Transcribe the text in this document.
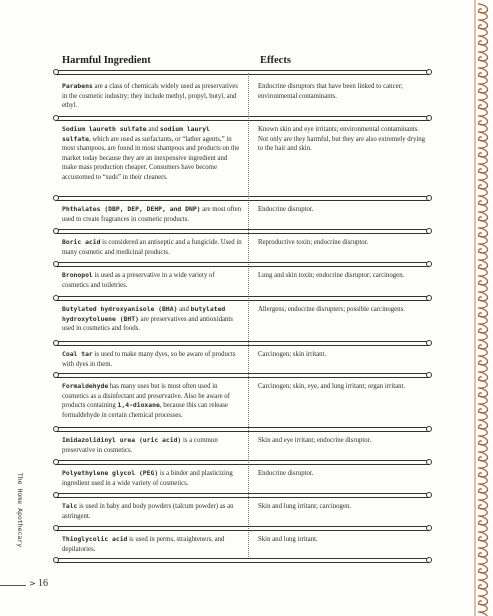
The Home Apothecary
> 16
Harmful Ingredient	Effects
Parabens are a class of chemicals widely used as preservatives in the cosmetic industry; they include methyl, propyl, butyl, and ethyl.
Endocrine disruptors that have been linked to cancer; environmental contaminants.
Sodium laureth sulfate and sodium lauryl sulfate, which are used as surfactants, or “lather agents,” in most shampoos, are found in most shampoos and products on the market today because they are an inexpensive ingredient and make mass production cheaper. Consumers have become accustomed to “suds” in their cleaners.
Known skin and eye irritants; environmental contaminants. Not only are they harmful, but they are also extremely drying to the hair and skin.
Phthalates (DBP, DEP, DEHP, and DNP) are most often used to create fragrances in cosmetic products.
Endocrine disruptor.
Boric acid is considered an antiseptic and a fungicide. Used in many cosmetic and medicinal products.
Reproductive toxin; endocrine disruptor.
Bronopol is used as a preservative in a wide variety of cosmetics and toiletries.
Lung and skin toxin; endocrine disruptor; carcinogen.
Butylated hydroxyanisole (BHA) and butylated hydroxytoluene (BHT) are preservatives and antioxidants used in cosmetics and foods.
Allergens; endocrine disrupters; possible carcinogens.
Coal tar is used to make many dyes, so be aware of products with dyes in them.
Carcinogen; skin irritant.
Formaldehyde has many uses but is most often used in cosmetics as a disinfectant and preservative. Also be aware of products containing 1,4-dioxane, because this can release formaldehyde in certain chemical processes.
Carcinogen; skin, eye, and lung irritant; organ irritant.
Imidazolidinyl urea (uric acid) is a common preservative in cosmetics.
Skin and eye irritant; endocrine disruptor.
Polyethylene glycol (PEG) is a binder and plasticizing ingredient used in a wide variety of cosmetics.
Endocrine disruptor.
Talc is used in baby and body powders (talcum powder) as an astringent.
Skin and lung irritant; carcinogen.
Thioglycolic acid is used in perms, straighteners, and depilatories.
Skin and lung irritant.
